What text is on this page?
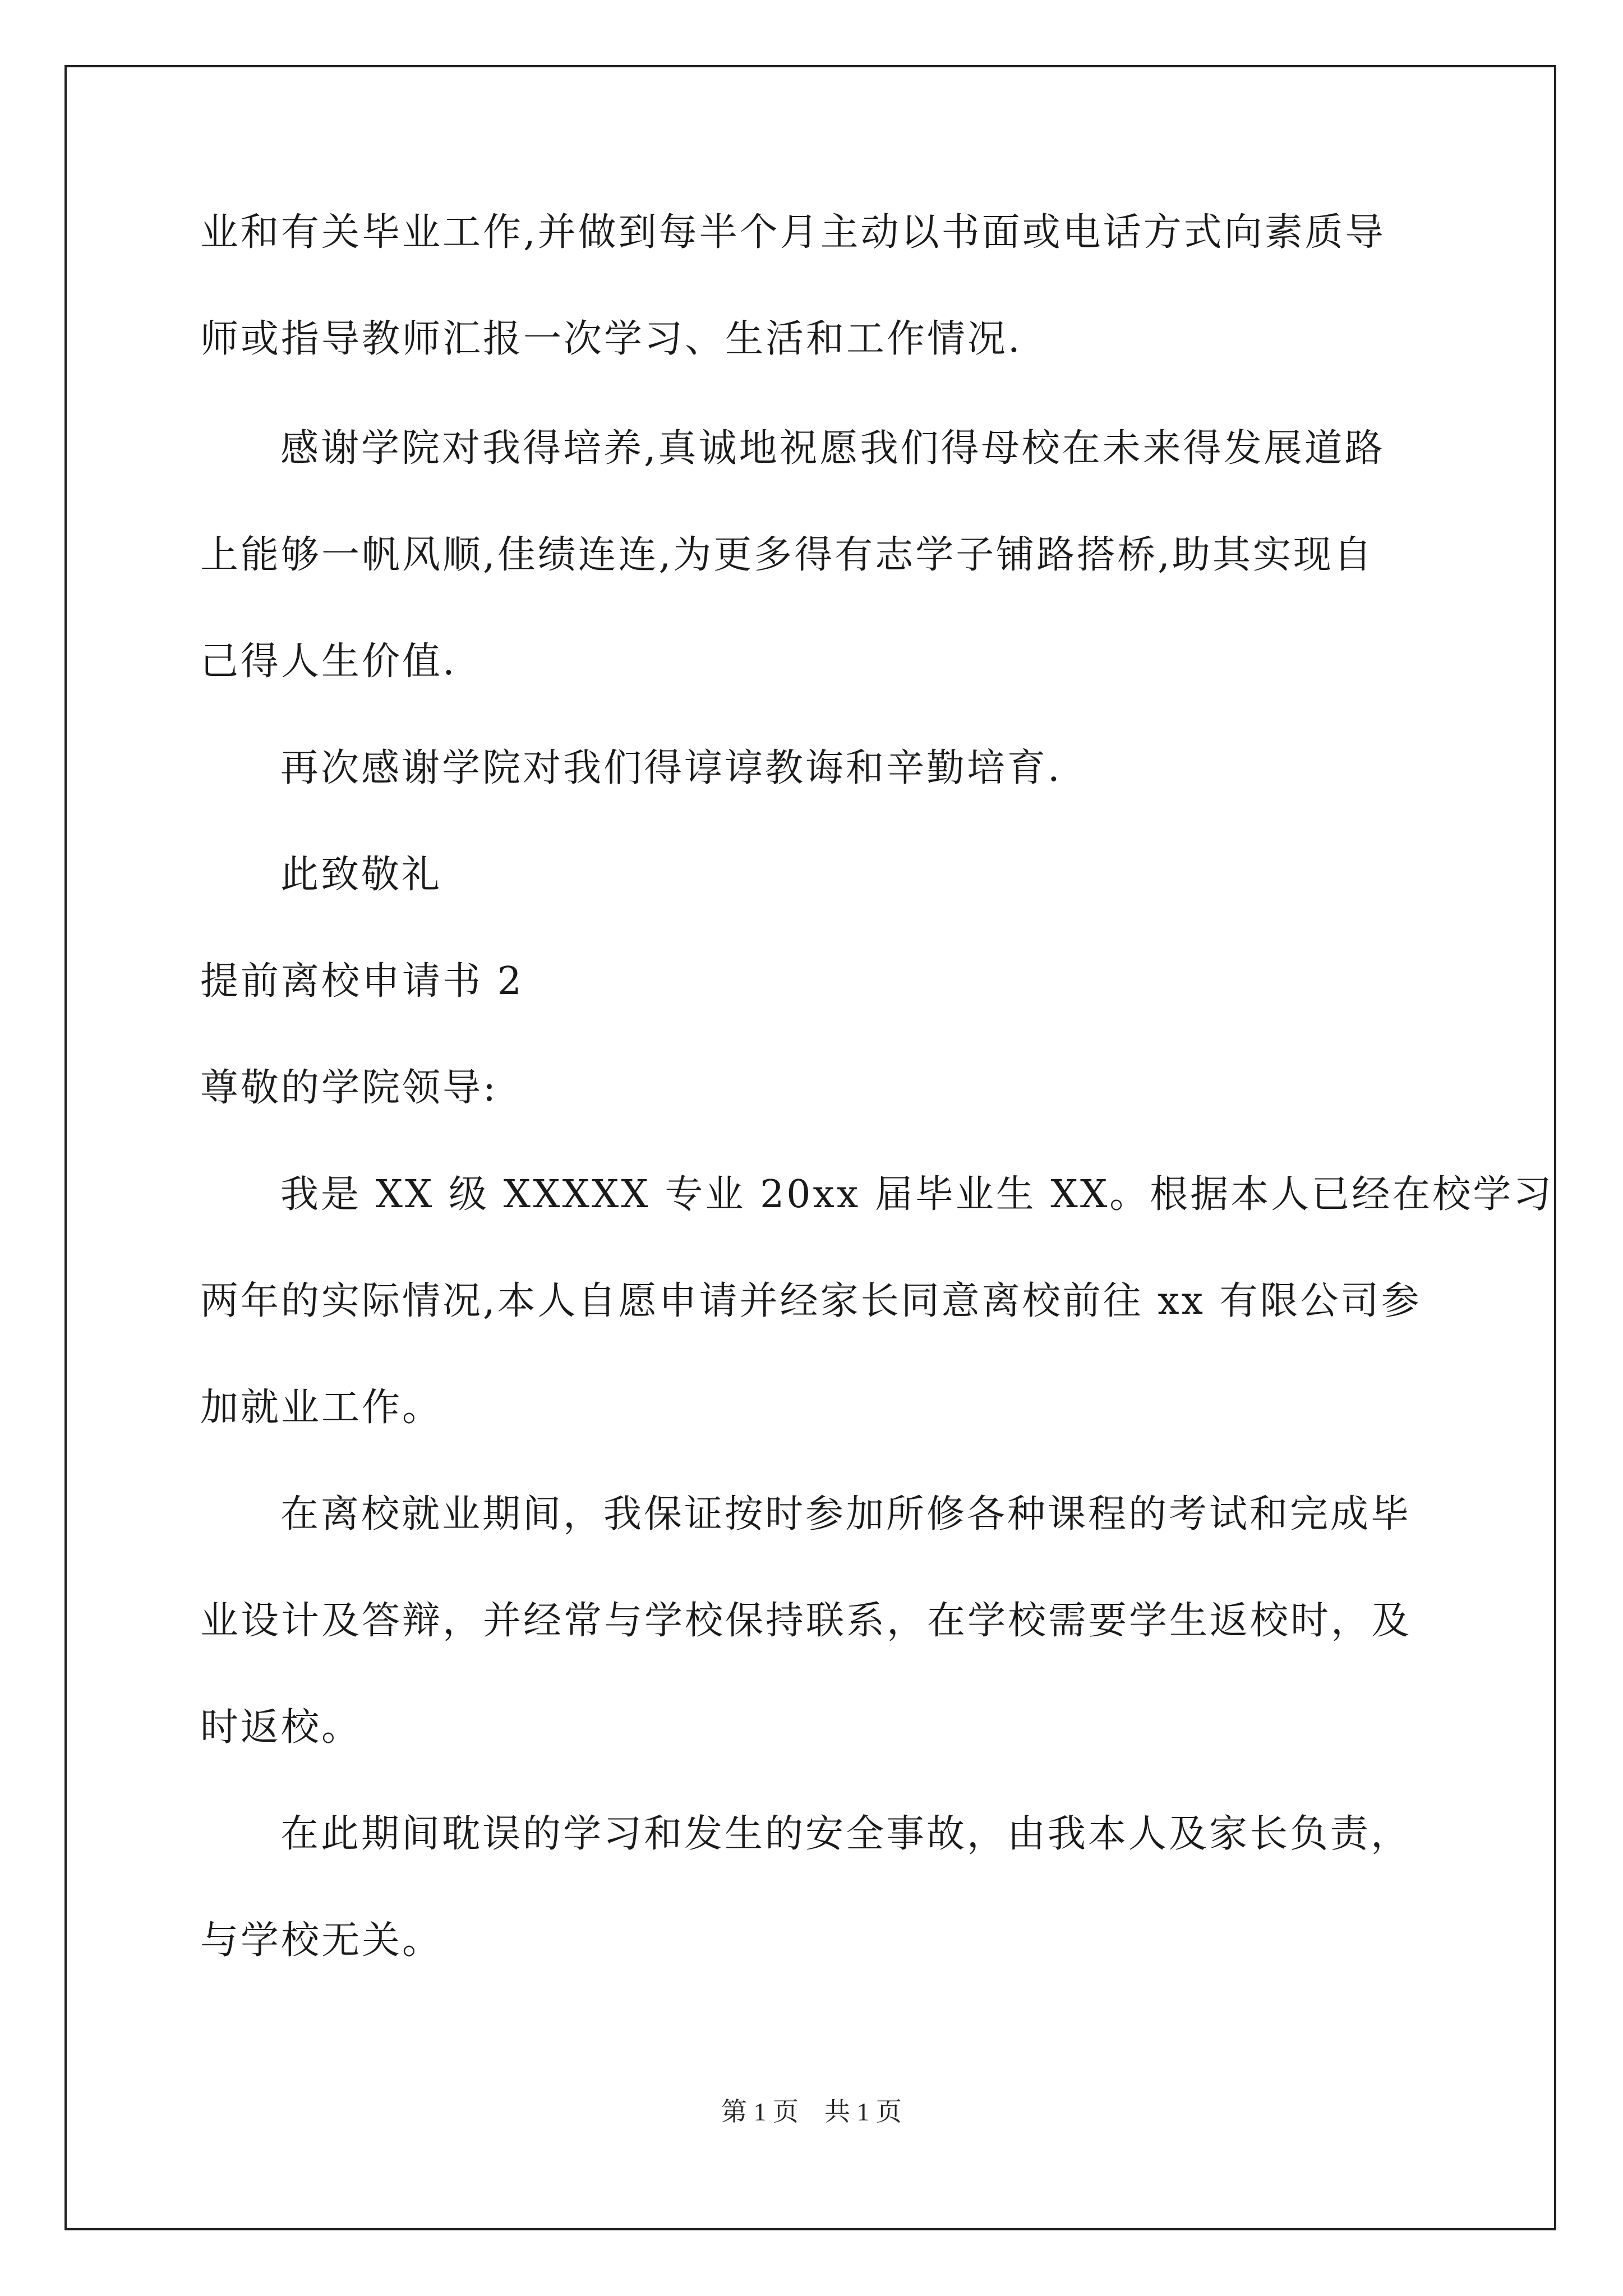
业和有关毕业工作,并做到每半个月主动以书面或电话方式向素质导
师或指导教师汇报一次学习、生活和工作情况.
感谢学院对我得培养,真诚地祝愿我们得母校在未来得发展道路
上能够一帆风顺,佳绩连连,为更多得有志学子铺路搭桥,助其实现自
己得人生价值.
再次感谢学院对我们得谆谆教诲和辛勤培育.
此致敬礼
提前离校申请书 2
尊敬的学院领导:
我是 XX 级 XXXXX 专业 20xx 届毕业生 XX。根据本人已经在校学习
两年的实际情况,本人自愿申请并经家长同意离校前往 xx 有限公司参
加就业工作。
在离校就业期间，我保证按时参加所修各种课程的考试和完成毕
业设计及答辩，并经常与学校保持联系，在学校需要学生返校时，及
时返校。
在此期间耽误的学习和发生的安全事故，由我本人及家长负责，
与学校无关。
第 1 页    共 1 页
